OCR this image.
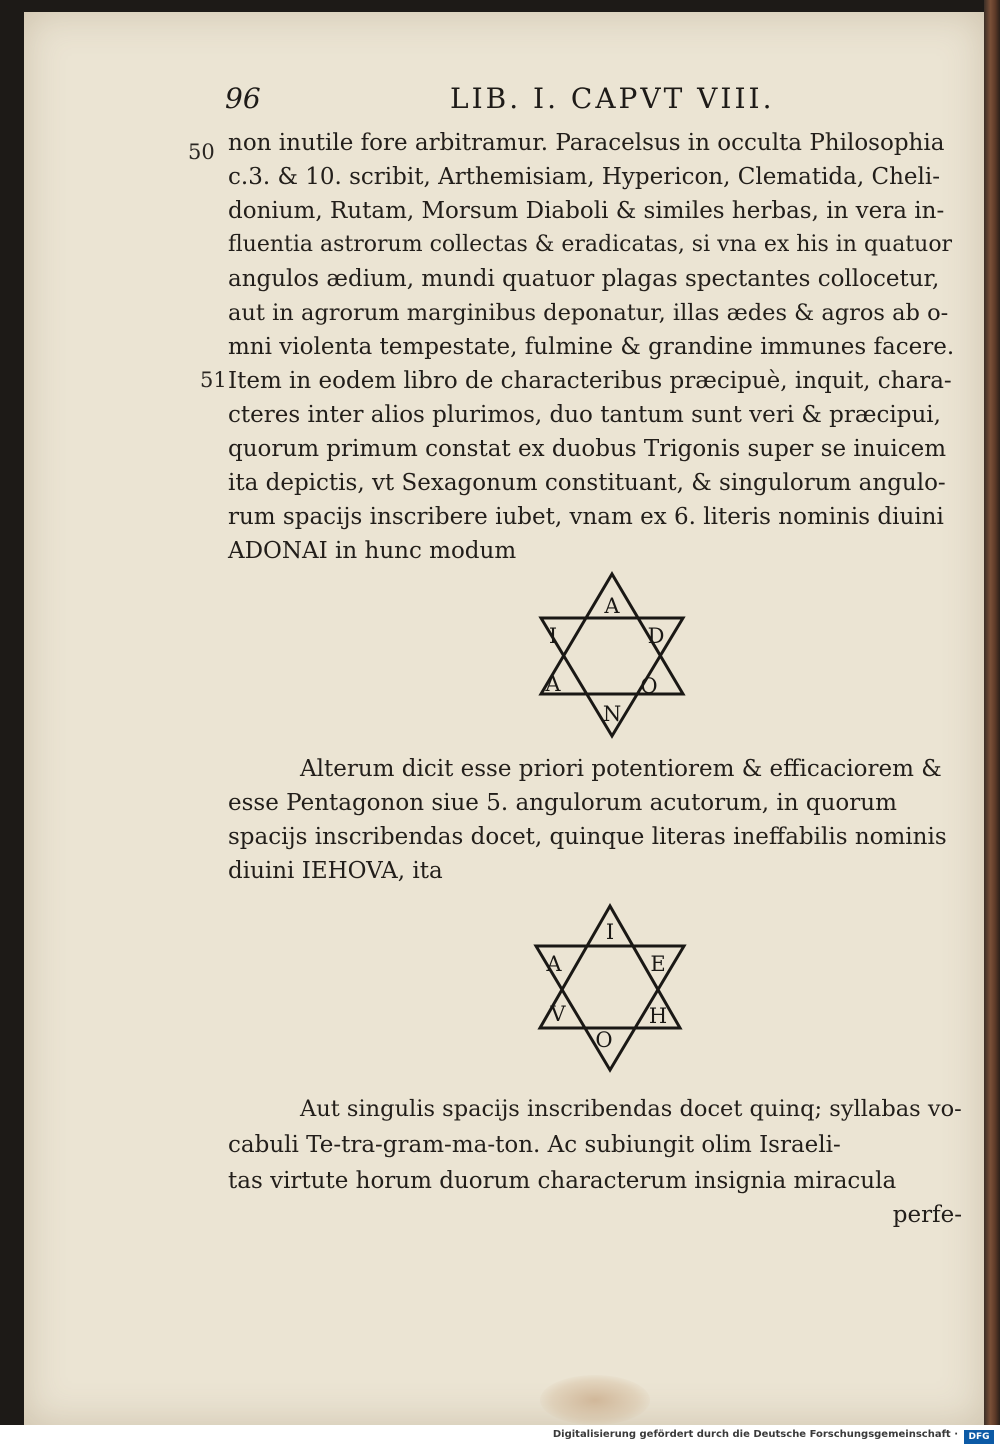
96	LIB. I. CAPVT VIII.
50
51
non inutile fore arbitramur. Paracelsus in occulta Philosophia
c.3. & 10. scribit, Arthemisiam, Hypericon, Clematida, Cheli-
donium, Rutam, Morsum Diaboli & similes herbas, in vera in-
fluentia astrorum collectas & eradicatas, si vna ex his in quatuor
angulos ædium, mundi quatuor plagas spectantes collocetur,
aut in agrorum marginibus deponatur, illas ædes & agros ab o-
mni violenta tempestate, fulmine & grandine immunes facere.
Item in eodem libro de characteribus præcipuè, inquit, chara-
cteres inter alios plurimos, duo tantum sunt veri & præcipui,
quorum primum constat ex duobus Trigonis super se inuicem
ita depictis, vt Sexagonum constituant, & singulorum angulo-
rum spacijs inscribere iubet, vnam ex 6. literis nominis diuini
ADONAI in hunc modum
A
D
O
N
A
I
Alterum dicit esse priori potentiorem & efficaciorem &
esse Pentagonon siue 5. angulorum acutorum, in quorum
spacijs inscribendas docet, quinque literas ineffabilis nominis
diuini IEHOVA, ita
I
E
H
O
V
A
Aut singulis spacijs inscribendas docet quinq; syllabas vo-
cabuli Te-tra-gram-ma-ton. Ac subiungit olim Israeli-
tas virtute horum duorum characterum insignia miracula
perfe-
Digitalisierung gefördert durch die Deutsche Forschungsgemeinschaft ·	DFG
